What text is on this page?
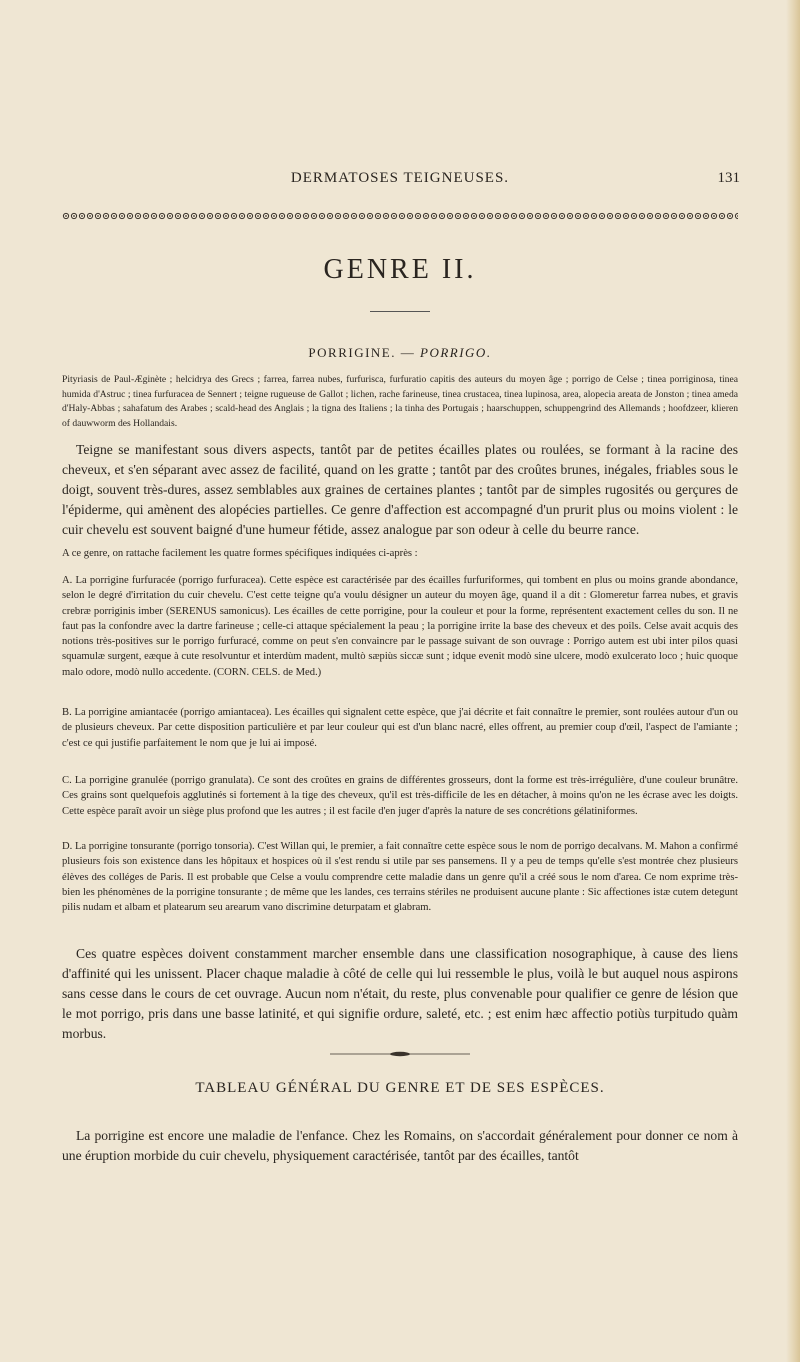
DERMATOSES TEIGNEUSES.	131
GENRE II.
PORRIGINE. — PORRIGO.
Pityriasis de Paul-Æginète ; helcidrya des Grecs ; farrea, farrea nubes, furfurisca, furfuratio capitis des auteurs du moyen âge ; porrigo de Celse ; tinea porriginosa, tinea humida d'Astruc ; tinea furfuracea de Sennert ; teigne rugueuse de Gallot ; lichen, rache farineuse, tinea crustacea, tinea lupinosa, area, alopecia areata de Jonston ; tinea ameda d'Haly-Abbas ; sahafatum des Arabes ; scald-head des Anglais ; la tigna des Italiens ; la tinha des Portugais ; haarschuppen, schuppengrind des Allemands ; hoofdzeer, klieren of dauwworm des Hollandais.

Teigne se manifestant sous divers aspects, tantôt par de petites écailles plates ou roulées, se formant à la racine des cheveux, et s'en séparant avec assez de facilité, quand on les gratte ; tantôt par des croûtes brunes, inégales, friables sous le doigt, souvent très-dures, assez semblables aux graines de certaines plantes ; tantôt par de simples rugosités ou gerçures de l'épiderme, qui amènent des alopécies partielles. Ce genre d'affection est accompagné d'un prurit plus ou moins violent : le cuir chevelu est souvent baigné d'une humeur fétide, assez analogue par son odeur à celle du beurre rance.

A ce genre, on rattache facilement les quatre formes spécifiques indiquées ci-après :

A. La porrigine furfuracée (porrigo furfuracea). Cette espèce est caractérisée par des écailles furfuriformes, qui tombent en plus ou moins grande abondance, selon le degré d'irritation du cuir chevelu. C'est cette teigne qu'a voulu désigner un auteur du moyen âge, quand il a dit : Glomeretur farrea nubes, et gravis crebræ porriginis imber (SERENUS samonicus). Les écailles de cette porrigine, pour la couleur et pour la forme, représentent exactement celles du son. Il ne faut pas la confondre avec la dartre farineuse ; celle-ci attaque spécialement la peau ; la porrigine irrite la base des cheveux et des poils. Celse avait acquis des notions très-positives sur le porrigo furfuracé, comme on peut s'en convaincre par le passage suivant de son ouvrage : Porrigo autem est ubi inter pilos quasi squamulæ surgent, eæque à cute resolvuntur et interdùm madent, multò sæpiùs siccæ sunt ; idque evenit modò sine ulcere, modò exulcerato loco ; huic quoque malo odore, modò nullo accedente. (CORN. CELS. de Med.)

B. La porrigine amiantacée (porrigo amiantacea). Les écailles qui signalent cette espèce, que j'ai décrite et fait connaître le premier, sont roulées autour d'un ou de plusieurs cheveux. Par cette disposition particulière et par leur couleur qui est d'un blanc nacré, elles offrent, au premier coup d'œil, l'aspect de l'amiante ; c'est ce qui justifie parfaitement le nom que je lui ai imposé.

C. La porrigine granulée (porrigo granulata). Ce sont des croûtes en grains de différentes grosseurs, dont la forme est très-irrégulière, d'une couleur brunâtre. Ces grains sont quelquefois agglutinés si fortement à la tige des cheveux, qu'il est très-difficile de les en détacher, à moins qu'on ne les écrase avec les doigts. Cette espèce paraît avoir un siège plus profond que les autres ; il est facile d'en juger d'après la nature de ses concrétions gélatiniformes.

D. La porrigine tonsurante (porrigo tonsoria). C'est Willan qui, le premier, a fait connaître cette espèce sous le nom de porrigo decalvans. M. Mahon a confirmé plusieurs fois son existence dans les hôpitaux et hospices où il s'est rendu si utile par ses pansemens. Il y a peu de temps qu'elle s'est montrée chez plusieurs élèves des colléges de Paris. Il est probable que Celse a voulu comprendre cette maladie dans un genre qu'il a créé sous le nom d'area. Ce nom exprime très-bien les phénomènes de la porrigine tonsurante ; de même que les landes, ces terrains stériles ne produisent aucune plante : Sic affectiones istæ cutem detegunt pilis nudam et albam et platearum seu arearum vano discrimine deturpatam et glabram.

Ces quatre espèces doivent constamment marcher ensemble dans une classification nosographique, à cause des liens d'affinité qui les unissent. Placer chaque maladie à côté de celle qui lui ressemble le plus, voilà le but auquel nous aspirons sans cesse dans le cours de cet ouvrage. Aucun nom n'était, du reste, plus convenable pour qualifier ce genre de lésion que le mot porrigo, pris dans une basse latinité, et qui signifie ordure, saleté, etc. ; est enim hæc affectio potiùs turpitudo quàm morbus.

TABLEAU GÉNÉRAL DU GENRE ET DE SES ESPÈCES.

La porrigine est encore une maladie de l'enfance. Chez les Romains, on s'accordait généralement pour donner ce nom à une éruption morbide du cuir chevelu, physiquement caractérisée, tantôt par des écailles, tantôt
